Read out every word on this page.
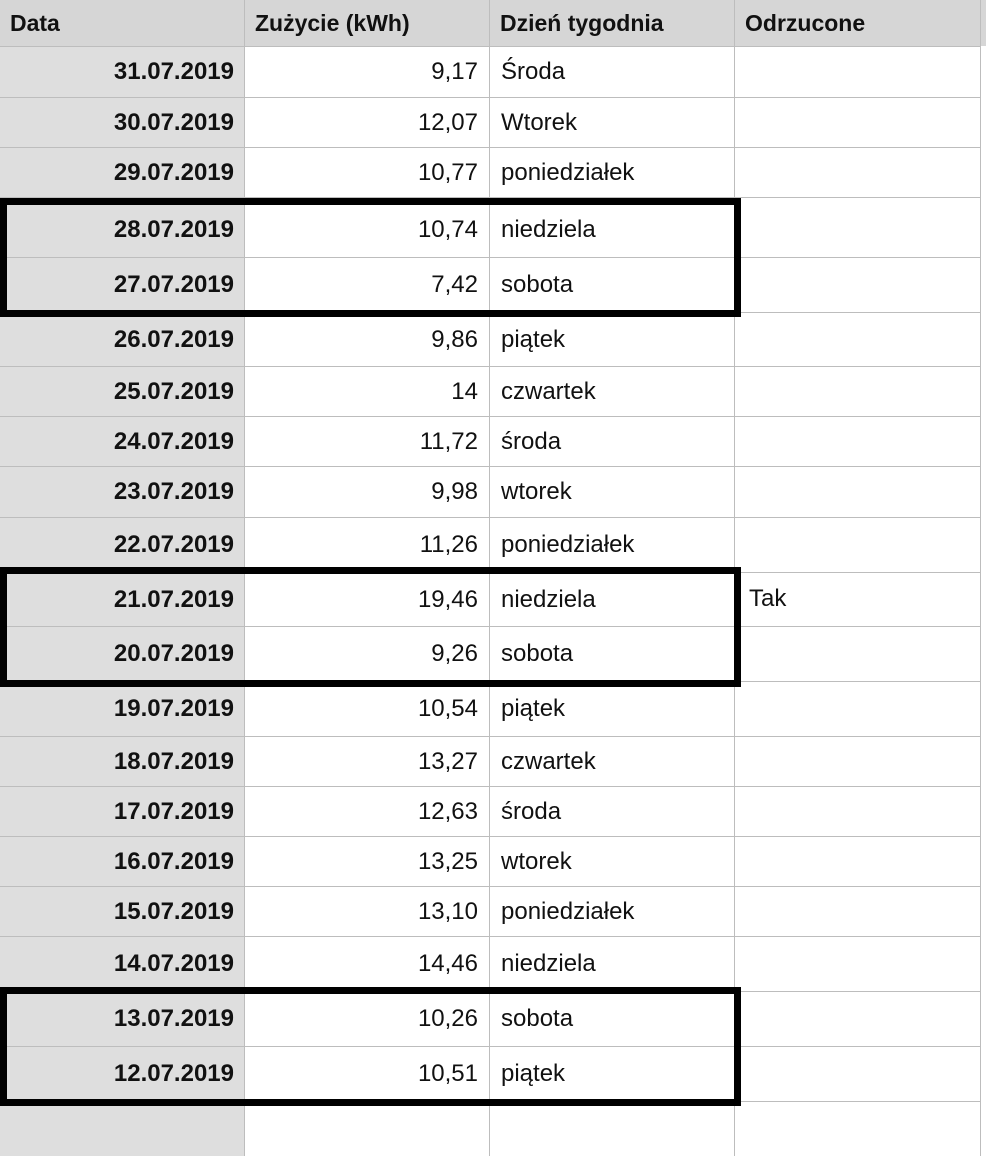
Data	Zużycie (kWh)	Dzień tygodnia	Odrzucone
31.07.2019	9,17 Środa
30.07.2019	12,07 Wtorek
29.07.2019	10,77 poniedziałek
28.07.2019	10,74 niedziela
27.07.2019	7,42 sobota
26.07.2019	9,86 piątek
25.07.2019	14 czwartek
24.07.2019	11,72 środa
23.07.2019	9,98 wtorek
22.07.2019	11,26 poniedziałek
21.07.2019	19,46 niedziela	Tak
20.07.2019	9,26 sobota
19.07.2019	10,54 piątek
18.07.2019	13,27 czwartek
17.07.2019	12,63 środa
16.07.2019	13,25 wtorek
15.07.2019	13,10 poniedziałek
14.07.2019	14,46 niedziela
13.07.2019	10,26 sobota
12.07.2019	10,51 piątek
